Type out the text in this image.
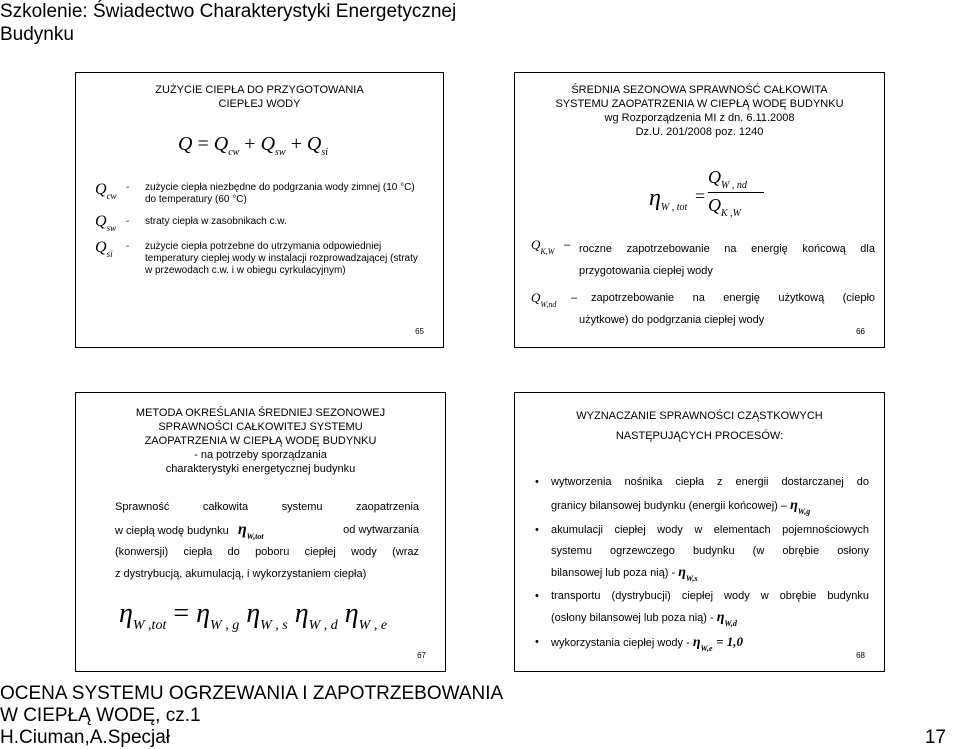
Szkolenie: Świadectwo Charakterystyki Energetycznej
Budynku
ZUŻYCIE CIEPŁA DO PRZYGOTOWANIA
CIEPŁEJ WODY
$Q = Q_{cw} + Q_{sw} + Q_{si}$
$Q_{cw}$
- zużycie ciepła niezbędne do podgrzania wody zimnej (10 °C)
do temperatury (60 °C)
$Q_{sw}$
- straty ciepła w zasobnikach c.w.
$Q_{si}$
- zużycie ciepła potrzebne do utrzymania odpowiedniej
temperatury ciepłej wody w instalacji rozprowadzającej (straty
w przewodach c.w. i w obiegu cyrkulacyjnym)
65
ŚREDNIA SEZONOWA SPRAWNOŚĆ CAŁKOWITA
SYSTEMU ZAOPATRZENIA W CIEPŁĄ WODĘ BUDYNKU
wg Rozporządzenia MI z dn. 6.11.2008
Dz.U. 201/2008 poz. 1240
$\eta_{W , tot}$
=
$Q_{W , nd}$
$Q_{K ,W}$
$Q_{K,W}$
– roczne zapotrzebowanie na energię końcową dla
przygotowania ciepłej wody
$Q_{W,nd}$
– zapotrzebowanie na energię użytkową (ciepło
użytkowe) do podgrzania ciepłej wody
66
METODA OKREŚLANIA ŚREDNIEJ SEZONOWEJ
SPRAWNOŚCI CAŁKOWITEJ SYSTEMU
ZAOPATRZENIA W CIEPŁĄ WODĘ BUDYNKU
- na potrzeby sporządzania
charakterystyki energetycznej budynku
Sprawność całkowita systemu zaopatrzenia
w ciepłą wodę budynku $\eta_{W,tot}$
od wytwarzania
(konwersji) ciepła do poboru ciepłej wody (wraz
z dystrybucją, akumulacją, i wykorzystaniem ciepła)
$\eta_{W ,tot} = \eta_{W , g}$ $\eta_{W , s}$ $\eta_{W , d}$ $\eta_{W , e}$
67
WYZNACZANIE SPRAWNOŚCI CZĄSTKOWYCH
NASTĘPUJĄCYCH PROCESÓW:
• wytworzenia nośnika ciepła z energii dostarczanej do
granicy bilansowej budynku (energii końcowej) – $\eta_{W,g}$
• akumulacji ciepłej wody w elementach pojemnościowych
systemu ogrzewczego budynku (w obrębie osłony
bilansowej lub poza nią) - $\eta_{W,s}$
• transportu (dystrybucji) ciepłej wody w obrębie budynku
(osłony bilansowej lub poza nią) - $\eta_{W,d}$
• wykorzystania ciepłej wody - $\eta_{W,e} = 1,0$
68
OCENA SYSTEMU OGRZEWANIA I ZAPOTRZEBOWANIA
W CIEPŁĄ WODĘ, cz.1
H.Ciuman,A.Specjał	17
